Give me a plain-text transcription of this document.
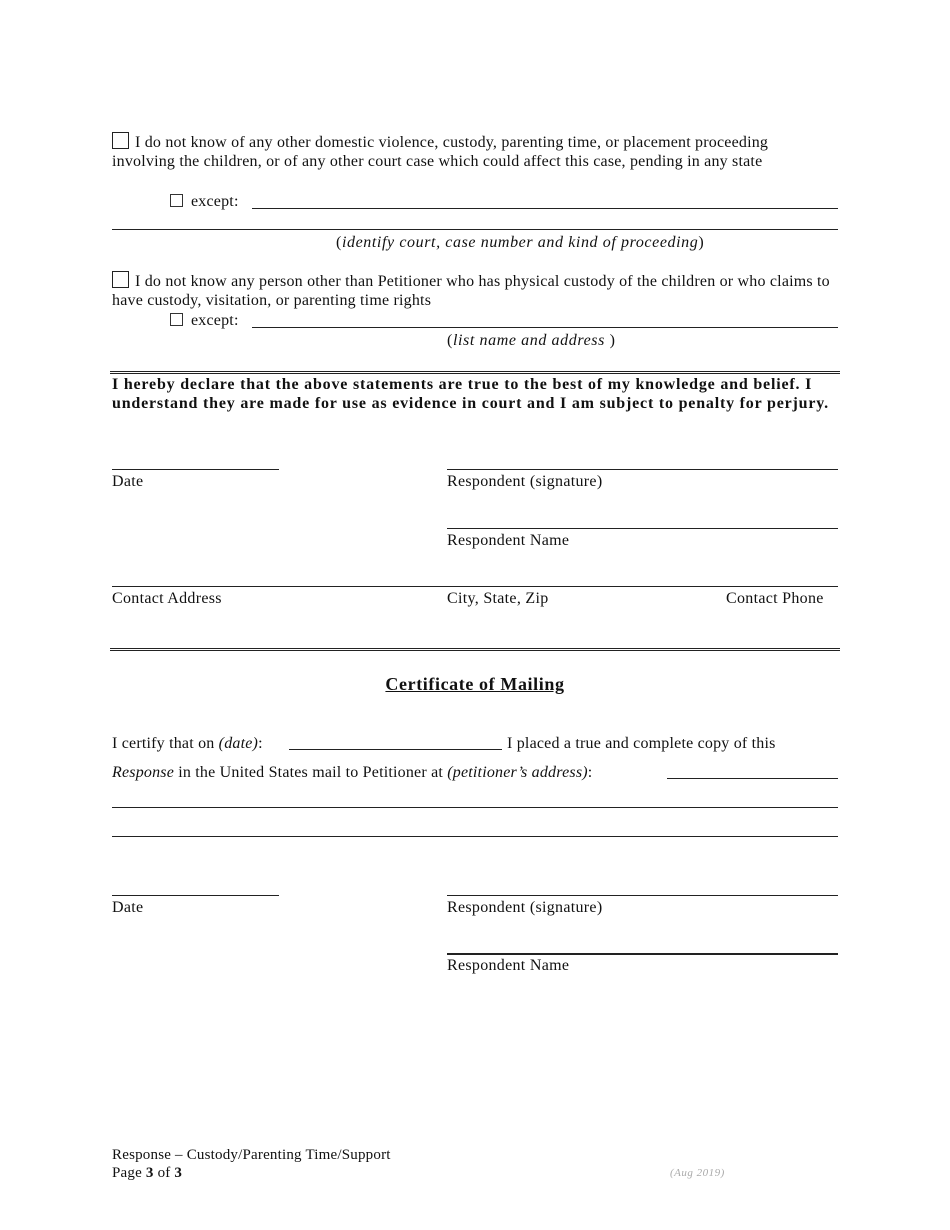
I do not know of any other domestic violence, custody, parenting time, or placement proceeding involving the children, or of any other court case which could affect this case, pending in any state
except:
(identify court, case number and kind of proceeding)
I do not know any person other than Petitioner who has physical custody of the children or who claims to have custody, visitation, or parenting time rights
except:
(list name and address )
I hereby declare that the above statements are true to the best of my knowledge and belief. I understand they are made for use as evidence in court and I am subject to penalty for perjury.
Date	Respondent (signature)
Respondent Name
Contact Address	City, State, Zip	Contact Phone
Certificate of Mailing
I certify that on (date):	I placed a true and complete copy of this
Response in the United States mail to Petitioner at (petitioner’s address):
Date	Respondent (signature)
Respondent Name
Response – Custody/Parenting Time/Support
Page 3 of 3	(Aug 2019)
